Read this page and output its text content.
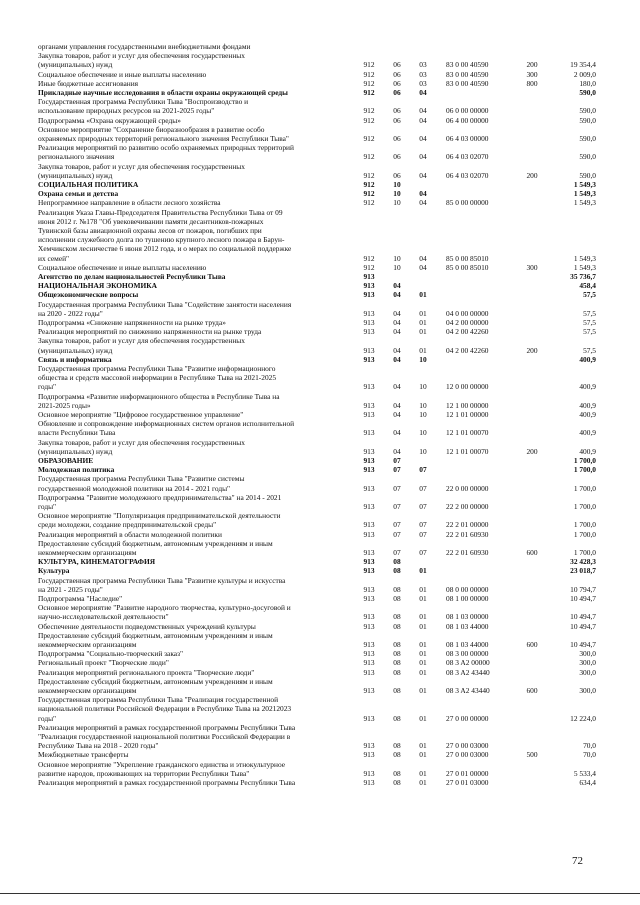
органами управления государственными внебюджетными фондами
Закупка товаров, работ и услуг для обеспечения государственных
(муниципальных) нужд	912	06	03	83 0 00 40590	200	19 354,4
Социальное обеспечение и иные выплаты населению	912	06	03	83 0 00 40590	300	2 009,0
Иные бюджетные ассигнования	912	06	03	83 0 00 40590	800	180,0
Прикладные научные исследования в области охраны окружающей среды	912	06	04	590,0
Государственная программа Республики Тыва "Воспроизводство и
использование природных ресурсов на 2021-2025 годы"	912	06	04	06 0 00 00000	590,0
Подпрограмма «Охрана окружающей среды»	912	06	04	06 4 00 00000	590,0
Основное мероприятие "Сохранение биоразнообразия в развитие особо
охраняемых природных территорий регионального значения Республики Тыва"	912	06	04	06 4 03 00000	590,0
Реализация мероприятий по развитию особо охраняемых природных территорий
регионального значения	912	06	04	06 4 03 02070	590,0
Закупка товаров, работ и услуг для обеспечения государственных
(муниципальных) нужд	912	06	04	06 4 03 02070	200	590,0
СОЦИАЛЬНАЯ ПОЛИТИКА	912	10	1 549,3
Охрана семьи и детства	912	10	04	1 549,3
Непрограммное направление в области лесного хозяйства	912	10	04	85 0 00 00000	1 549,3
Реализация Указа Главы-Председателя Правительства Республики Тыва от 09
июня 2012 г. №178 "Об увековечивании памяти десантников-пожарных
Тувинской базы авиационной охраны лесов от пожаров, погибших при
исполнении служебного долга по тушению крупного лесного пожара в Барун-
Хемчикском лесничестве 6 июня 2012 года, и о мерах по социальной поддержке
их семей"	912	10	04	85 0 00 85010	1 549,3
Социальное обеспечение и иные выплаты населению	912	10	04	85 0 00 85010	300	1 549,3
Агентство по делам национальностей Республики Тыва	913	35 736,7
НАЦИОНАЛЬНАЯ ЭКОНОМИКА	913	04	458,4
Общеэкономические вопросы	913	04	01	57,5
Государственная программа Республики Тыва "Содействие занятости населения
на 2020 - 2022 годы"	913	04	01	04 0 00 00000	57,5
Подпрограмма «Снижение напряженности на рынке труда»	913	04	01	04 2 00 00000	57,5
Реализация мероприятий по снижению напряженности на рынке труда	913	04	01	04 2 00 42260	57,5
Закупка товаров, работ и услуг для обеспечения государственных
(муниципальных) нужд	913	04	01	04 2 00 42260	200	57,5
Связь и информатика	913	04	10	400,9
Государственная программа Республики Тыва "Развитие информационного
общества и средств массовой информации в Республике Тыва на 2021-2025
годы"	913	04	10	12 0 00 00000	400,9
Подпрограмма «Развитие информационного общества в Республике Тыва на
2021-2025 годы»	913	04	10	12 1 00 00000	400,9
Основное мероприятие "Цифровое государственное управление"	913	04	10	12 1 01 00000	400,9
Обновление и сопровождение информационных систем органов исполнительной
власти Республики Тыва	913	04	10	12 1 01 00070	400,9
Закупка товаров, работ и услуг для обеспечения государственных
(муниципальных) нужд	913	04	10	12 1 01 00070	200	400,9
ОБРАЗОВАНИЕ	913	07	1 700,0
Молодежная политика	913	07	07	1 700,0
Государственная программа Республики Тыва "Развитие системы
государственной молодежной политики на 2014 - 2021 годы"	913	07	07	22 0 00 00000	1 700,0
Подпрограмма "Развитие молодежного предпринимательства" на 2014 - 2021
годы"	913	07	07	22 2 00 00000	1 700,0
Основное мероприятие "Популяризация предпринимательской деятельности
среди молодежи, создание предпринимательской среды"	913	07	07	22 2 01 00000	1 700,0
Реализация мероприятий в области молодежной политики	913	07	07	22 2 01 60930	1 700,0
Предоставление субсидий бюджетным, автономным учреждениям и иным
некоммерческим организациям	913	07	07	22 2 01 60930	600	1 700,0
КУЛЬТУРА, КИНЕМАТОГРАФИЯ	913	08	32 428,3
Культура	913	08	01	23 018,7
Государственная программа Республики Тыва "Развитие культуры и искусства
на 2021 - 2025 годы"	913	08	01	08 0 00 00000	10 794,7
Подпрограмма "Наследие"	913	08	01	08 1 00 00000	10 494,7
Основное мероприятие "Развитие народного творчества, культурно-досуговой и
научно-исследовательской деятельности"	913	08	01	08 1 03 00000	10 494,7
Обеспечение деятельности подведомственных учреждений культуры	913	08	01	08 1 03 44000	10 494,7
Предоставление субсидий бюджетным, автономным учреждениям и иным
некоммерческим организациям	913	08	01	08 1 03 44000	600	10 494,7
Подпрограмма "Социально-творческий заказ"	913	08	01	08 3 00 00000	300,0
Региональный проект "Творческие люди"	913	08	01	08 3 A2 00000	300,0
Реализация мероприятий регионального проекта "Творческие люди"	913	08	01	08 3 A2 43440	300,0
Предоставление субсидий бюджетным, автономным учреждениям и иным
некоммерческим организациям	913	08	01	08 3 A2 43440	600	300,0
Государственная программа Республики Тыва "Реализация государственной
национальной политики Российской Федерации в Республике Тыва на 20212023
годы"	913	08	01	27 0 00 00000	12 224,0
Реализация мероприятий в рамках государственной программы Республики Тыва
"Реализация государственной национальной политики Российской Федерации в
Республике Тыва на 2018 - 2020 годы"	913	08	01	27 0 00 03000	70,0
Межбюджетные трансферты	913	08	01	27 0 00 03000	500	70,0
Основное мероприятие "Укрепление гражданского единства и этнокультурное
развитие народов, проживающих на территории Республики Тыва"	913	08	01	27 0 01 00000	5 533,4
Реализация мероприятий в рамках государственной программы Республики Тыва	913	08	01	27 0 01 03000	634,4
72
